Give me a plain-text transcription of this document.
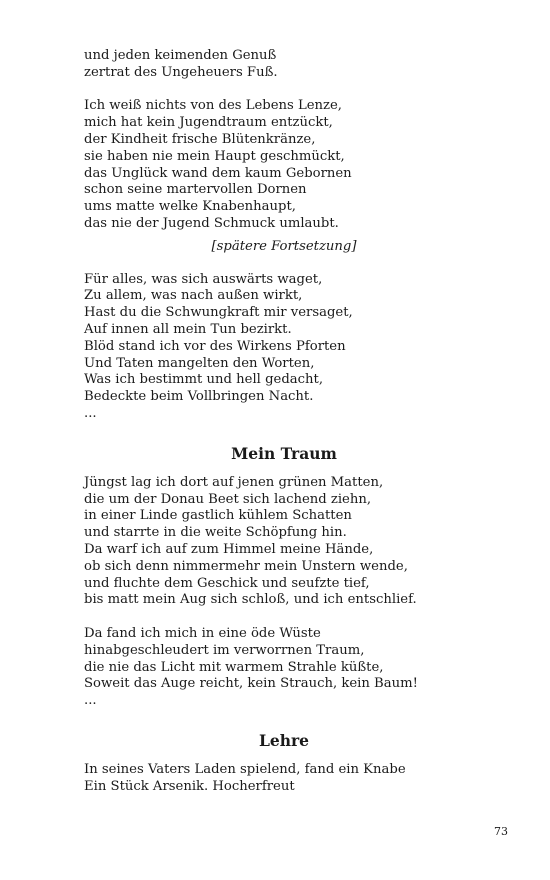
und jeden keimenden Genuß
zertrat des Ungeheuers Fuß.
Ich weiß nichts von des Lebens Lenze,
mich hat kein Jugendtraum entzückt,
der Kindheit frische Blütenkränze,
sie haben nie mein Haupt geschmückt,
das Unglück wand dem kaum Gebornen
schon seine martervollen Dornen
ums matte welke Knabenhaupt,
das nie der Jugend Schmuck umlaubt.
[spätere Fortsetzung]
Für alles, was sich auswärts waget,
Zu allem, was nach außen wirkt,
Hast du die Schwungkraft mir versaget,
Auf innen all mein Tun bezirkt.
Blöd stand ich vor des Wirkens Pforten
Und Taten mangelten den Worten,
Was ich bestimmt und hell gedacht,
Bedeckte beim Vollbringen Nacht.
...
Mein Traum
Jüngst lag ich dort auf jenen grünen Matten,
die um der Donau Beet sich lachend ziehn,
in einer Linde gastlich kühlem Schatten
und starrte in die weite Schöpfung hin.
Da warf ich auf zum Himmel meine Hände,
ob sich denn nimmermehr mein Unstern wende,
und fluchte dem Geschick und seufzte tief,
bis matt mein Aug sich schloß, und ich entschlief.
Da fand ich mich in eine öde Wüste
hinabgeschleudert im verworrnen Traum,
die nie das Licht mit warmem Strahle küßte,
Soweit das Auge reicht, kein Strauch, kein Baum!
...
Lehre
In seines Vaters Laden spielend, fand ein Knabe
Ein Stück Arsenik. Hocherfreut
73
